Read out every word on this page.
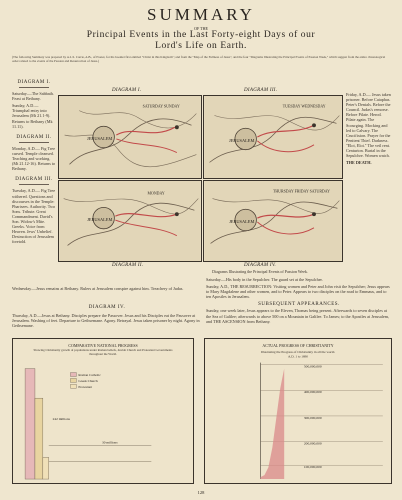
SUMMARY
OF THE
Principal Events in the Last Forty-eight Days of our
Lord's Life on Earth.
(The following Summary was prepared by A.L.S. Carrie, A.B., of Exeter, for his booklet first entitled "Christ in this Kingdom"; and from the "Map of the Fullness of Jesus", and the four "Diagrams Illustrating the Principal Events of Passion Week," which suggest from the entire chronological order related to the events of the Passion and Resurrection of Jesus.)
DIAGRAM I.

Saturday.—The Sabbath. Feast at Bethany.

Sunday, A.D.— Triumphal entry into Jerusalem (Mt 21.1-9). Returns to Bethany (Mk 11.11).

DIAGRAM II.

Monday, A.D.— Fig Tree cursed. Temple cleansed. Teaching and working. (Mt 21.12-16). Returns to Bethany.

DIAGRAM III.

Tuesday, A.D.— Fig Tree withered. Questions and discourses in the Temple: Pharisees. Authority. Two Sons. Tribute. Great Commandment. David's Son. Widow's Mite. Greeks. Voice from Heaven. Jews' Unbelief. Destruction of Jerusalem foretold.

Wednesday.—Jesus remains at Bethany. Rulers at Jerusalem conspire against him. Treachery of Judas.

Friday, A.D.— Jesus taken prisoner. Before Caiaphas. Peter's Denials. Before the Council. Judas's remorse. Before Pilate. Herod. Pilate again. The Scourging. Mocking and led to Calvary. The Crucifixion. Prayer for the Penitent Thief. Darkness. "Eloi, Eloi." The veil rent. Centurion. Burial in the Sepulchre. Women watch.

THE DEATH.

DIAGRAM I.	DIAGRAM III.
JERUSALEM
SATURDAY SUNDAY
JERUSALEM
TUESDAY WEDNESDAY
JERUSALEM
MONDAY
JERUSALEM
THURSDAY FRIDAY SATURDAY
DIAGRAM II.	DIAGRAM IV.
Diagrams Illustrating the Principal Events of Passion Week.

Saturday.—His body in the Sepulcher. The guard set at the Sepulcher.

Sunday, A.D., THE RESURRECTION: Visiting women and Peter and John visit the Sepulcher; Jesus appears to Mary Magdalene and other women, and to Peter. Appears to two disciples on the road to Emmaus, and to ten Apostles in Jerusalem.

SUBSEQUENT APPEARANCES.

Sunday, one week later, Jesus appears to the Eleven, Thomas being present. Afterwards to seven disciples at the Sea of Galilee; afterwards to above 500 on a Mountain in Galilee. To James; to the Apostles at Jerusalem, and THE ASCENSION from Bethany.

DIAGRAM IV.

Thursday, A.D.—Jesus at Bethany. Disciples prepare the Passover. Jesus and his Disciples eat the Passover at Jerusalem. Washing of feet. Departure to Gethsemane. Agony. Betrayal. Jesus taken prisoner by night. Agony in Gethsemane.

COMPARATIVE NATIONAL PROGRESS
Showing Christianity growth of populations under Roman beliefs, Jewish Church and Protestant Governments throughout the World.
Roman Catholic
Greek Church
Protestant
242 millions
30 millions
ACTUAL PROGRESS OF CHRISTIANITY
Illustrating the Progress of Christianity in all the world.
A.D. 1 to 1890
500,000,000
400,000,000
300,000,000
200,000,000
100,000,000
128
